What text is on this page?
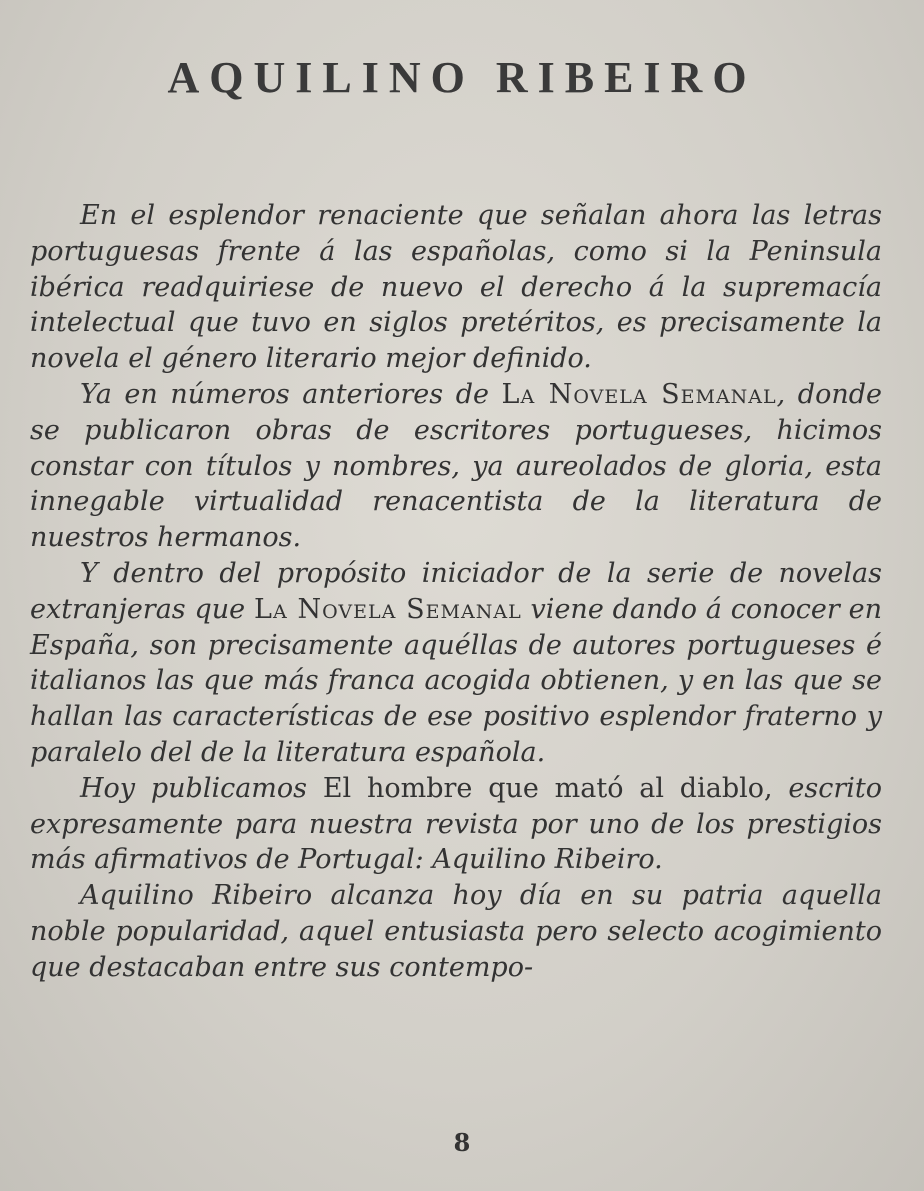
AQUILINO RIBEIRO

En el esplendor renaciente que señalan ahora las letras portuguesas frente á las españolas, como si la Peninsula ibérica readquiriese de nuevo el derecho á la supremacía intelectual que tuvo en siglos pretéritos, es precisamente la novela el género literario mejor definido.

Ya en números anteriores de La Novela Semanal, donde se publicaron obras de escritores portugueses, hicimos constar con títulos y nombres, ya aureolados de gloria, esta innegable virtualidad renacentista de la literatura de nuestros hermanos.

Y dentro del propósito iniciador de la serie de novelas extranjeras que La Novela Semanal viene dando á conocer en España, son precisamente aquéllas de autores portugueses é italianos las que más franca acogida obtienen, y en las que se hallan las características de ese positivo esplendor fraterno y paralelo del de la literatura española.

Hoy publicamos El hombre que mató al diablo, escrito expresamente para nuestra revista por uno de los prestigios más afirmativos de Portugal: Aquilino Ribeiro.

Aquilino Ribeiro alcanza hoy día en su patria aquella noble popularidad, aquel entusiasta pero selecto acogimiento que destacaban entre sus contempo-

8
